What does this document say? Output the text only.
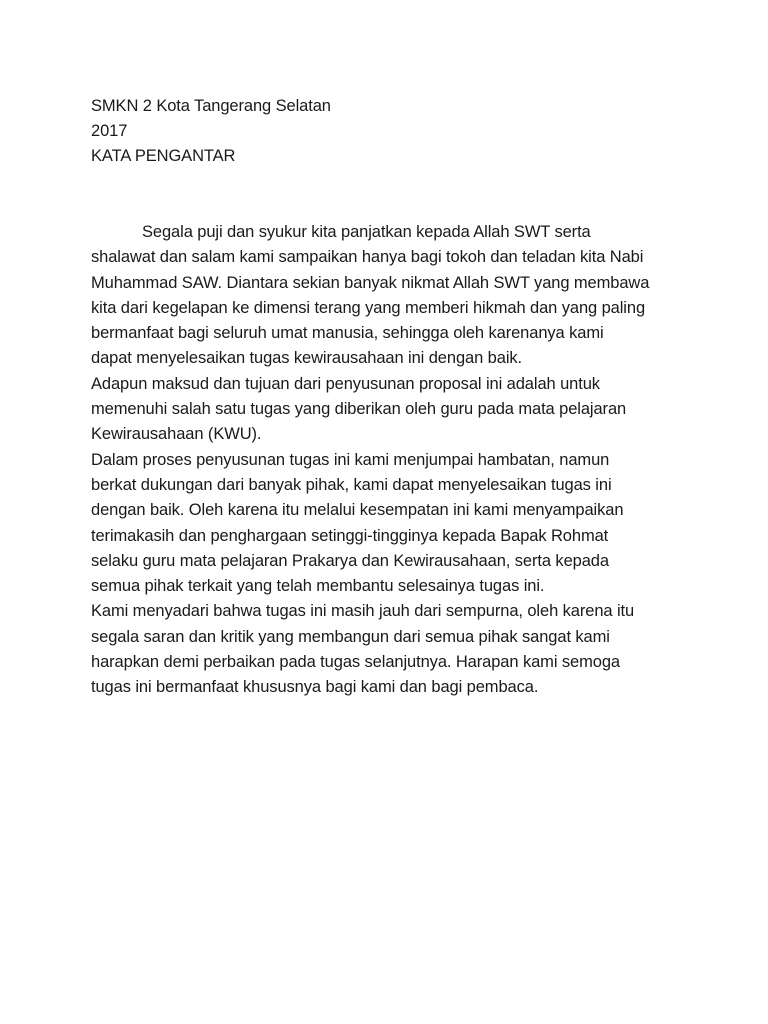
SMKN 2 Kota Tangerang Selatan
2017
KATA PENGANTAR
Segala puji dan syukur kita panjatkan kepada Allah SWT serta
shalawat dan salam kami sampaikan hanya bagi tokoh dan teladan kita Nabi
Muhammad SAW. Diantara sekian banyak nikmat Allah SWT yang membawa
kita dari kegelapan ke dimensi terang yang memberi hikmah dan yang paling
bermanfaat bagi seluruh umat manusia, sehingga oleh karenanya kami
dapat menyelesaikan tugas kewirausahaan ini dengan baik.
Adapun maksud dan tujuan dari penyusunan proposal ini adalah untuk
memenuhi salah satu tugas yang diberikan oleh guru pada mata pelajaran
Kewirausahaan (KWU).
Dalam proses penyusunan tugas ini kami menjumpai hambatan, namun
berkat dukungan dari banyak pihak, kami dapat menyelesaikan tugas ini
dengan baik. Oleh karena itu melalui kesempatan ini kami menyampaikan
terimakasih dan penghargaan setinggi-tingginya kepada Bapak Rohmat
selaku guru mata pelajaran Prakarya dan Kewirausahaan, serta kepada
semua pihak terkait yang telah membantu selesainya tugas ini.
Kami menyadari bahwa tugas ini masih jauh dari sempurna, oleh karena itu
segala saran dan kritik yang membangun dari semua pihak sangat kami
harapkan demi perbaikan pada tugas selanjutnya. Harapan kami semoga
tugas ini bermanfaat khususnya bagi kami dan bagi pembaca.
